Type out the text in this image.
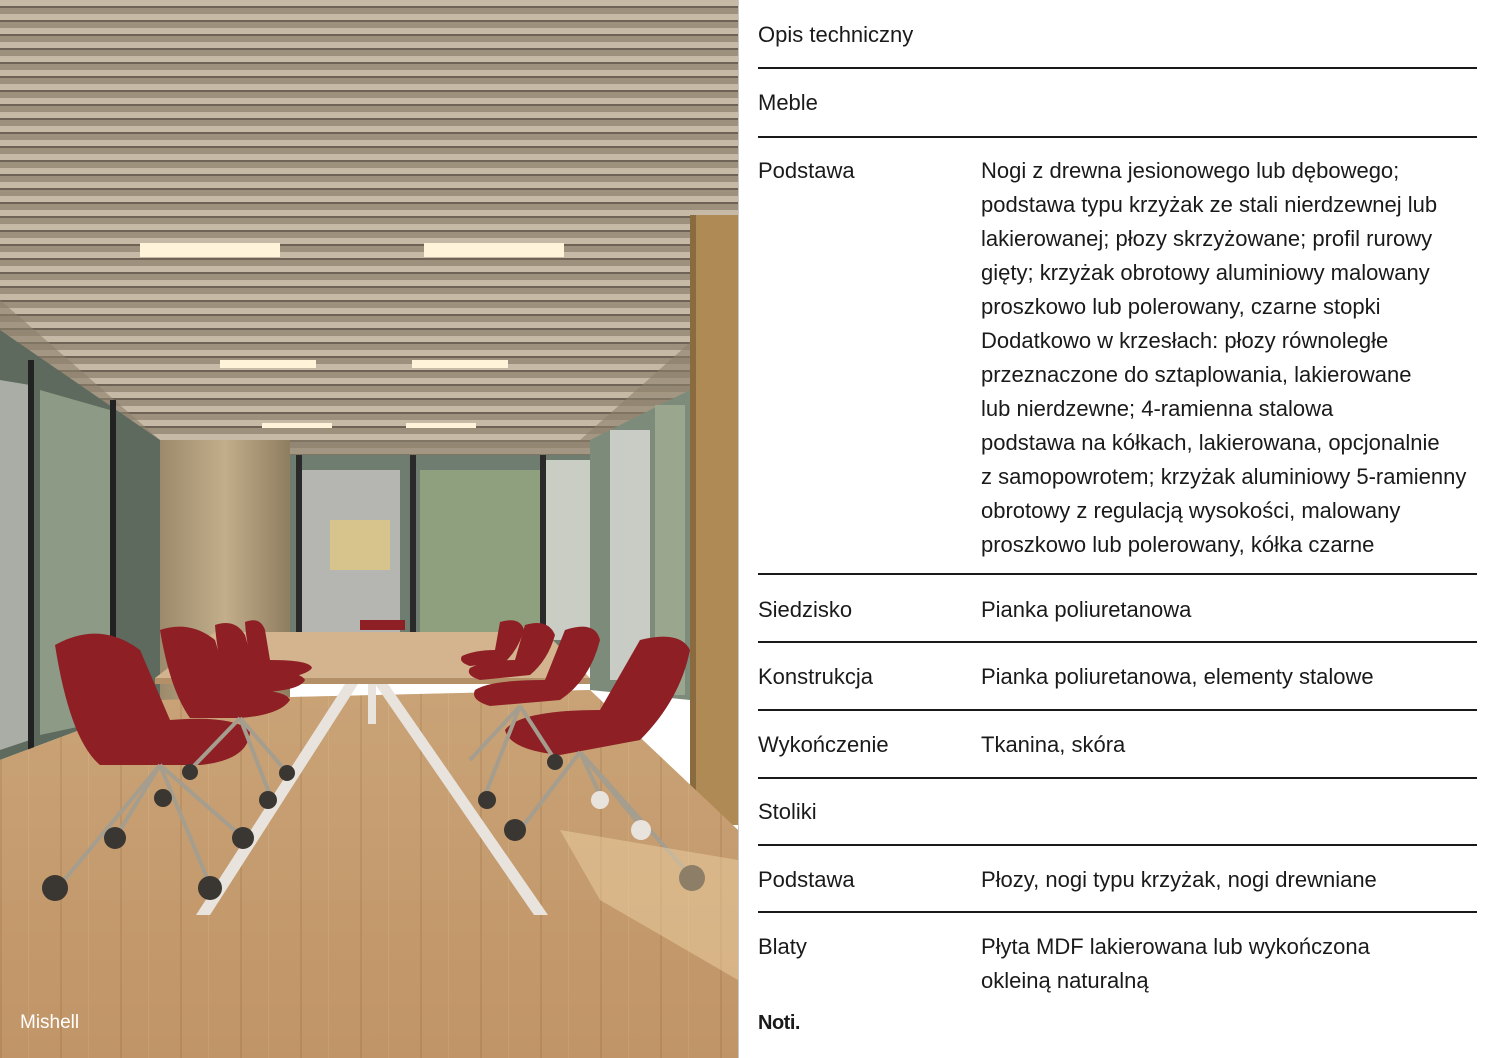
Mishell
Opis techniczny
Meble
Podstawa	Nogi z drewna jesionowego lub dębowego;
podstawa typu krzyżak ze stali nierdzewnej lub
lakierowanej; płozy skrzyżowane; profil rurowy
gięty; krzyżak obrotowy aluminiowy malowany
proszkowo lub polerowany, czarne stopki
Dodatkowo w krzesłach: płozy równoległe
przeznaczone do sztaplowania, lakierowane
lub nierdzewne; 4-ramienna stalowa
podstawa na kółkach, lakierowana, opcjonalnie
z samopowrotem; krzyżak aluminiowy 5-ramienny
obrotowy z regulacją wysokości, malowany
proszkowo lub polerowany, kółka czarne
Siedzisko	Pianka poliuretanowa
Konstrukcja	Pianka poliuretanowa, elementy stalowe
Wykończenie	Tkanina, skóra
Stoliki
Podstawa	Płozy, nogi typu krzyżak, nogi drewniane
Blaty	Płyta MDF lakierowana lub wykończona
okleiną naturalną
Noti.
